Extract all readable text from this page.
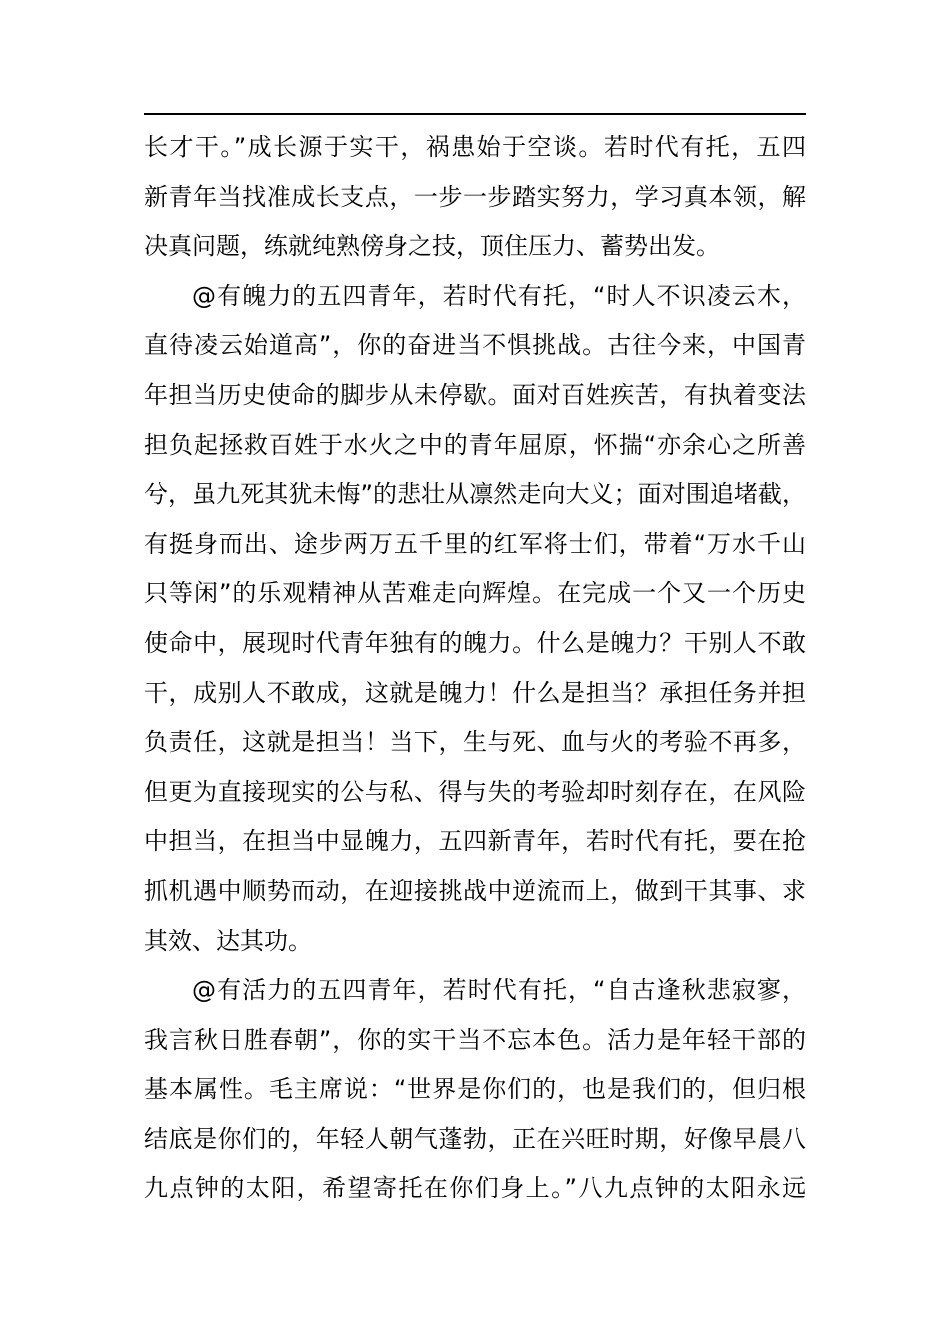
长才干。”成长源于实干，祸患始于空谈。若时代有托，五四
新青年当找准成长支点，一步一步踏实努力，学习真本领，解
决真问题，练就纯熟傍身之技，顶住压力、蓄势出发。
@有魄力的五四青年，若时代有托，“时人不识凌云木，
直待凌云始道高”，你的奋进当不惧挑战。古往今来，中国青
年担当历史使命的脚步从未停歇。面对百姓疾苦，有执着变法
担负起拯救百姓于水火之中的青年屈原，怀揣“亦余心之所善
兮，虽九死其犹未悔”的悲壮从凛然走向大义；面对围追堵截，
有挺身而出、途步两万五千里的红军将士们，带着“万水千山
只等闲”的乐观精神从苦难走向辉煌。在完成一个又一个历史
使命中，展现时代青年独有的魄力。什么是魄力？干别人不敢
干，成别人不敢成，这就是魄力！什么是担当？承担任务并担
负责任，这就是担当！当下，生与死、血与火的考验不再多，
但更为直接现实的公与私、得与失的考验却时刻存在，在风险
中担当，在担当中显魄力，五四新青年，若时代有托，要在抢
抓机遇中顺势而动，在迎接挑战中逆流而上，做到干其事、求
其效、达其功。
@有活力的五四青年，若时代有托，“自古逢秋悲寂寥，
我言秋日胜春朝”，你的实干当不忘本色。活力是年轻干部的
基本属性。毛主席说：“世界是你们的，也是我们的，但归根
结底是你们的，年轻人朝气蓬勃，正在兴旺时期，好像早晨八
九点钟的太阳，希望寄托在你们身上。”八九点钟的太阳永远
